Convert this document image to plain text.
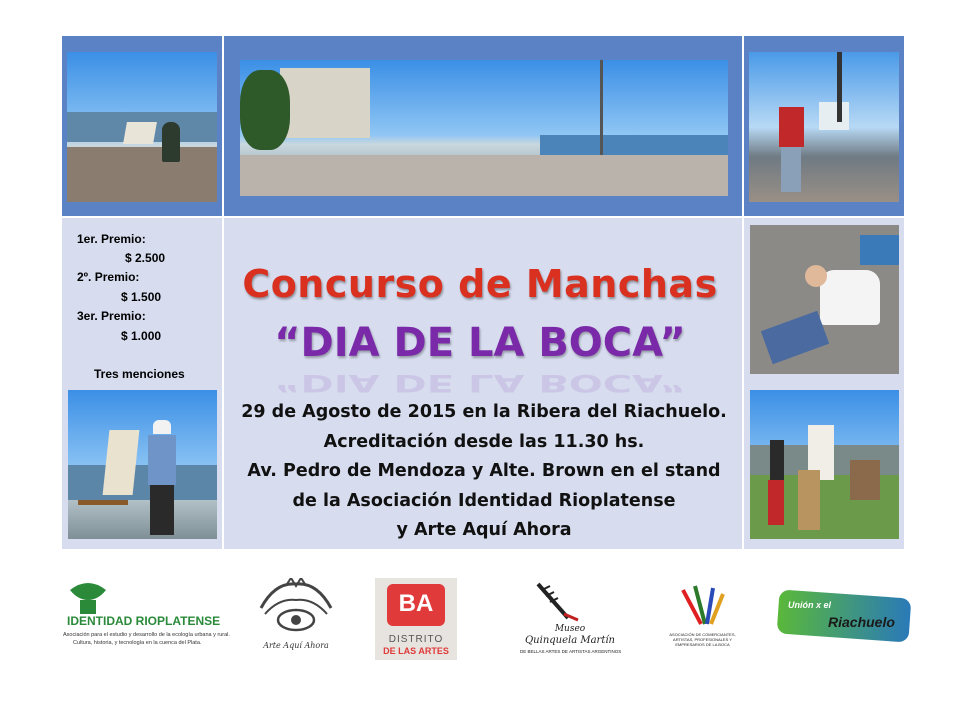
1er. Premio:
$ 2.500
2º. Premio:
$ 1.500
3er. Premio:
$ 1.000
Tres menciones
Concurso de Manchas
“DIA DE LA BOCA”
“DIA DE LA BOCA”
29 de Agosto de 2015 en la Ribera del Riachuelo.
Acreditación desde las 11.30 hs.
Av. Pedro de Mendoza y Alte. Brown en el stand
de la Asociación Identidad Rioplatense
y Arte Aquí Ahora
IDENTIDAD RIOPLATENSE
Asociación para el estudio y desarrollo de la ecología urbana y rural.
Cultura, historia, y tecnología en la cuenca del Plata.	Arte Aquí Ahora
BA
DISTRITO
DE LAS ARTES
Museo
Quinquela Martín
DE BELLAS ARTES DE ARTISTAS ARGENTINOS
ASOCIACIÓN DE COMERCIANTES, ARTISTAS, PROFESIONALES Y EMPRESARIOS DE LA BOCA
Unión x el
Riachuelo
